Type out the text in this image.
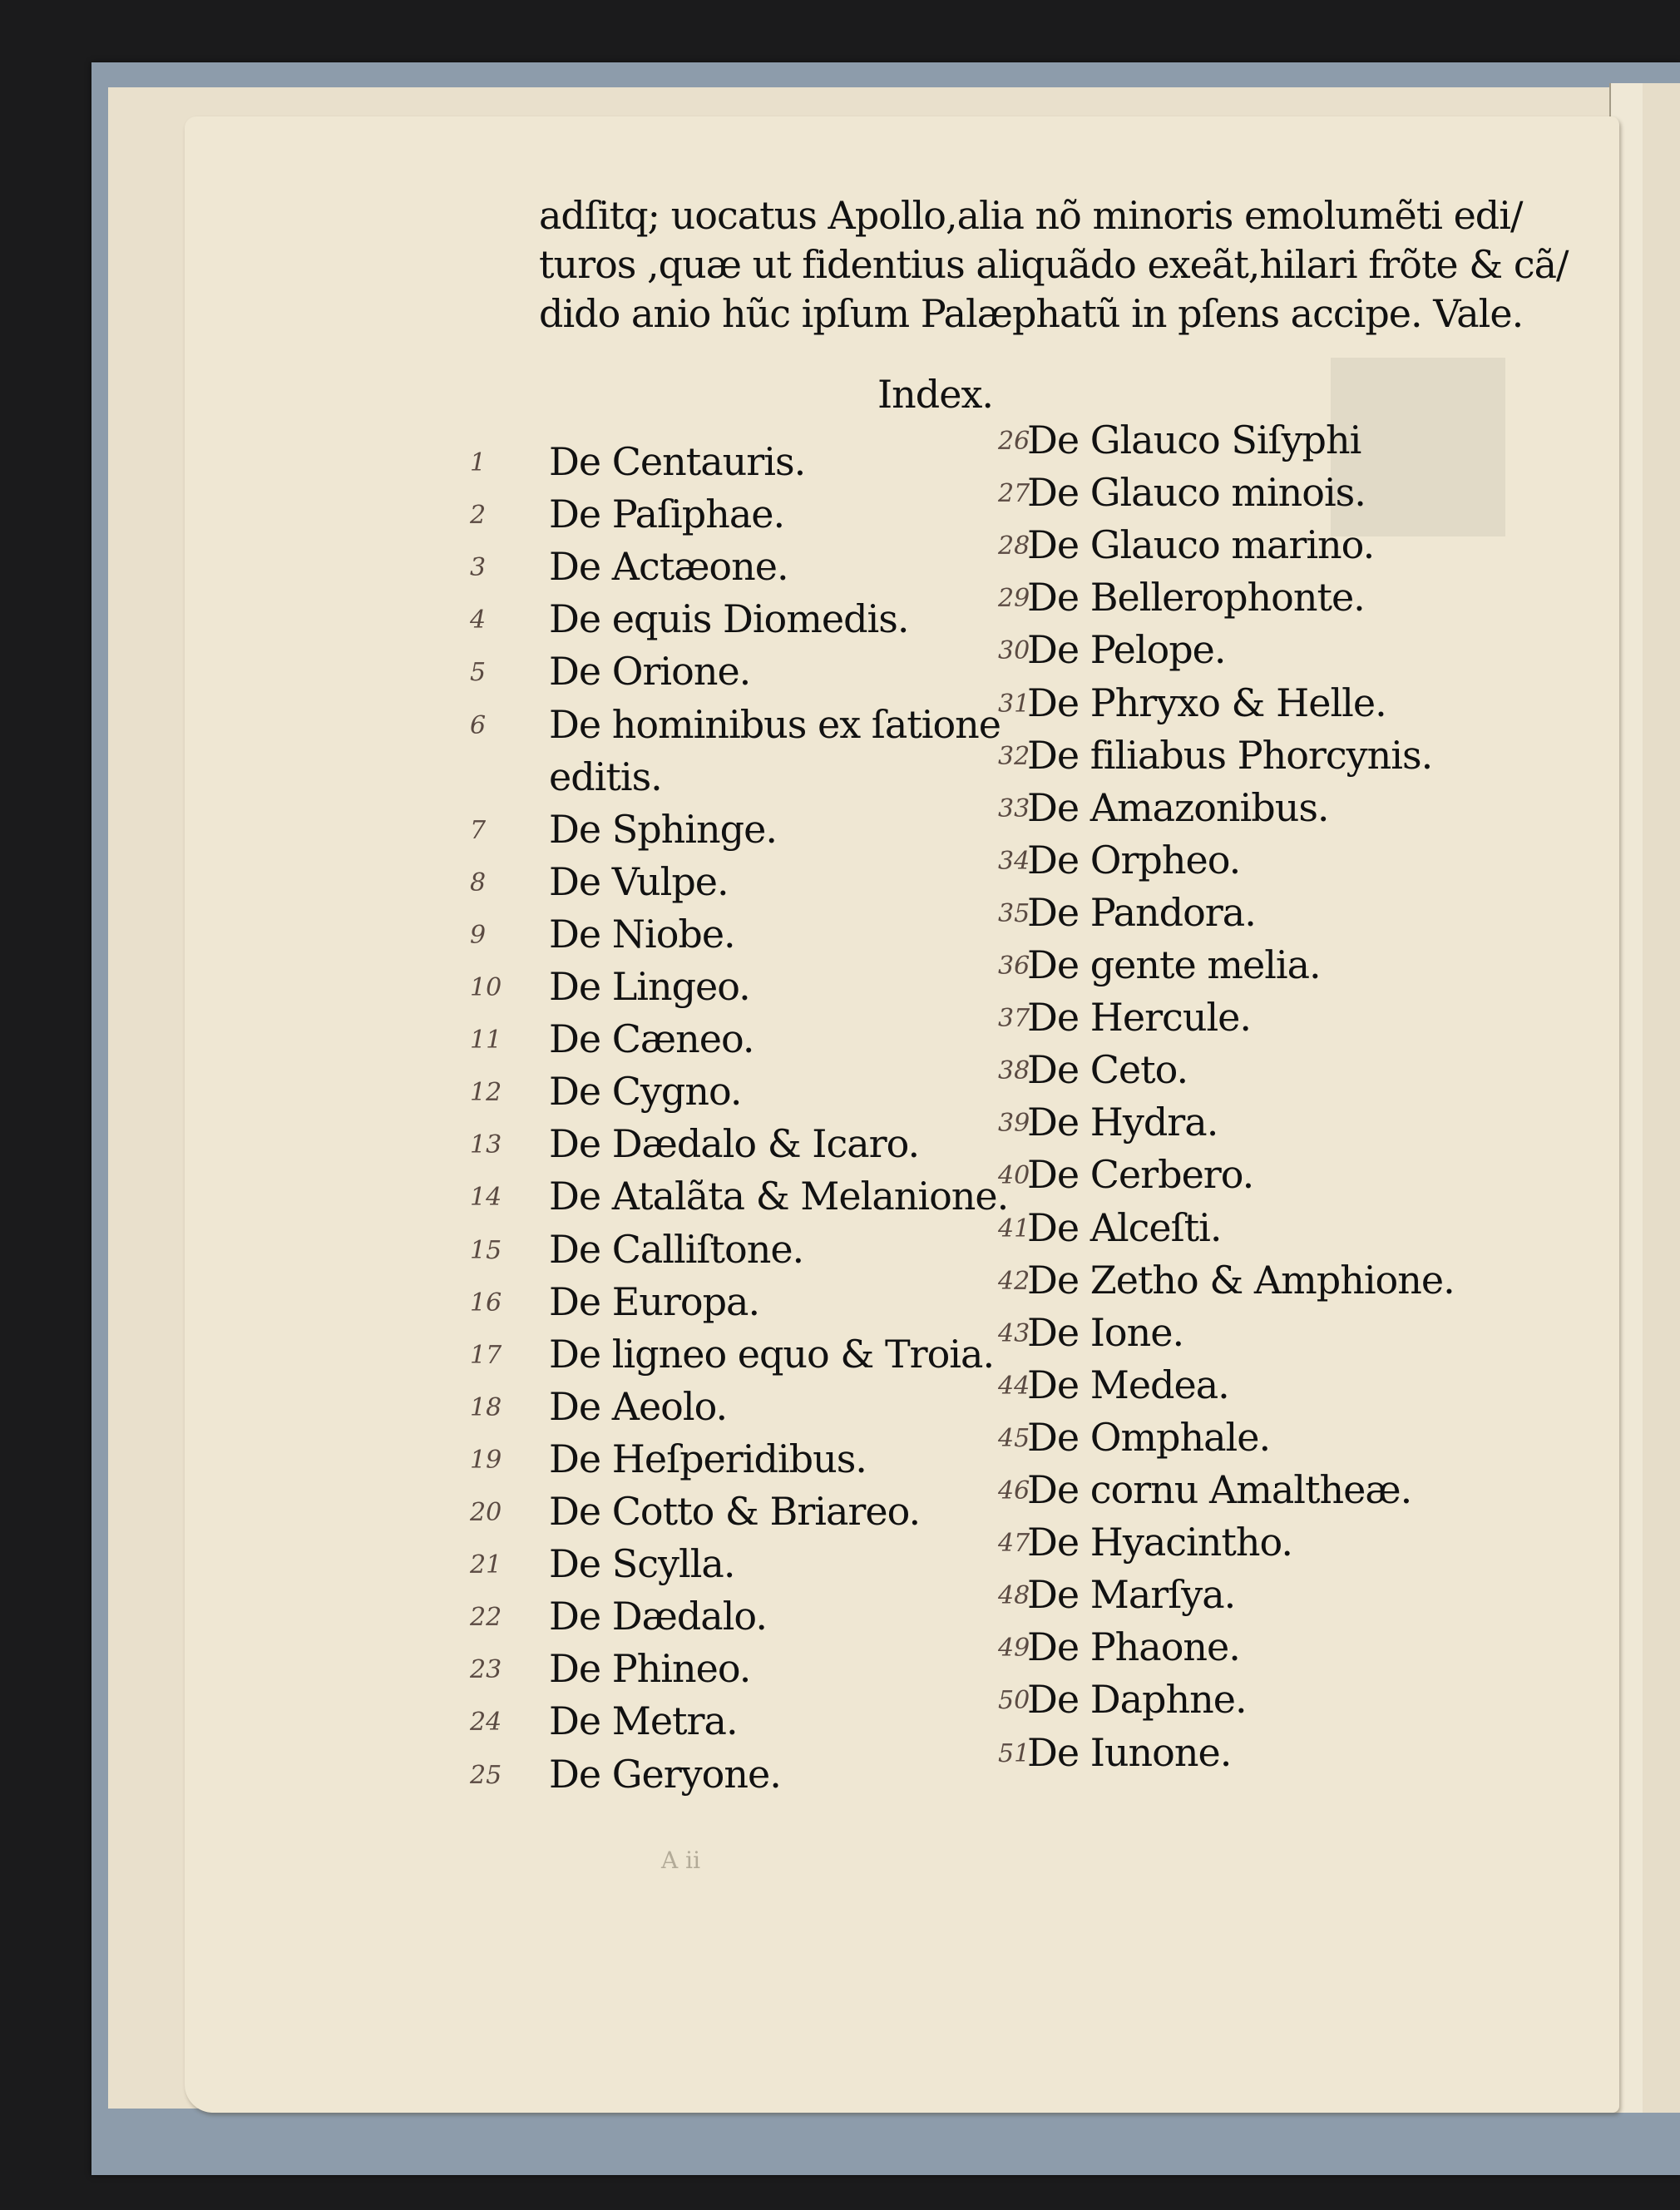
adſitq; uocatus Apollo,alia nõ minoris emolumẽti edi/
turos ,quæ ut fidentius aliquãdo exeãt,hilari frõte & cã/
dido anio hũc ipſum Palæphatũ in pſens accipe. Vale.
Index.
1 De Centauris.
2 De Paſiphae.
3 De Actæone.
4 De equis Diomedis.
5 De Orione.
6 De hominibus ex ſatione
editis.
7 De Sphinge.
8 De Vulpe.
9 De Niobe.
10 De Lingeo.
11 De Cæneo.
12 De Cygno.
13 De Dædalo & Icaro.
14 De Atalãta & Melanione.
15 De Calliſtone.
16 De Europa.
17 De ligneo equo & Troia.
18 De Aeolo.
19 De Heſperidibus.
20 De Cotto & Briareo.
21 De Scylla.
22 De Dædalo.
23 De Phineo.
24 De Metra.
25 De Geryone.
26
De Glauco Siſyphi
27
De Glauco minois.
28
De Glauco marino.
29
De Bellerophonte.
30
De Pelope.
31
De Phryxo & Helle.
32
De filiabus Phorcynis.
33
De Amazonibus.
34
De Orpheo.
35
De Pandora.
36
De gente melia.
37
De Hercule.
38
De Ceto.
39
De Hydra.
40
De Cerbero.
41
De Alceſti.
42
De Zetho & Amphione.
43
De Ione.
44
De Medea.
45
De Omphale.
46
De cornu Amaltheæ.
47
De Hyacintho.
48
De Marſya.
49
De Phaone.
50
De Daphne.
51
De Iunone.
A ii
